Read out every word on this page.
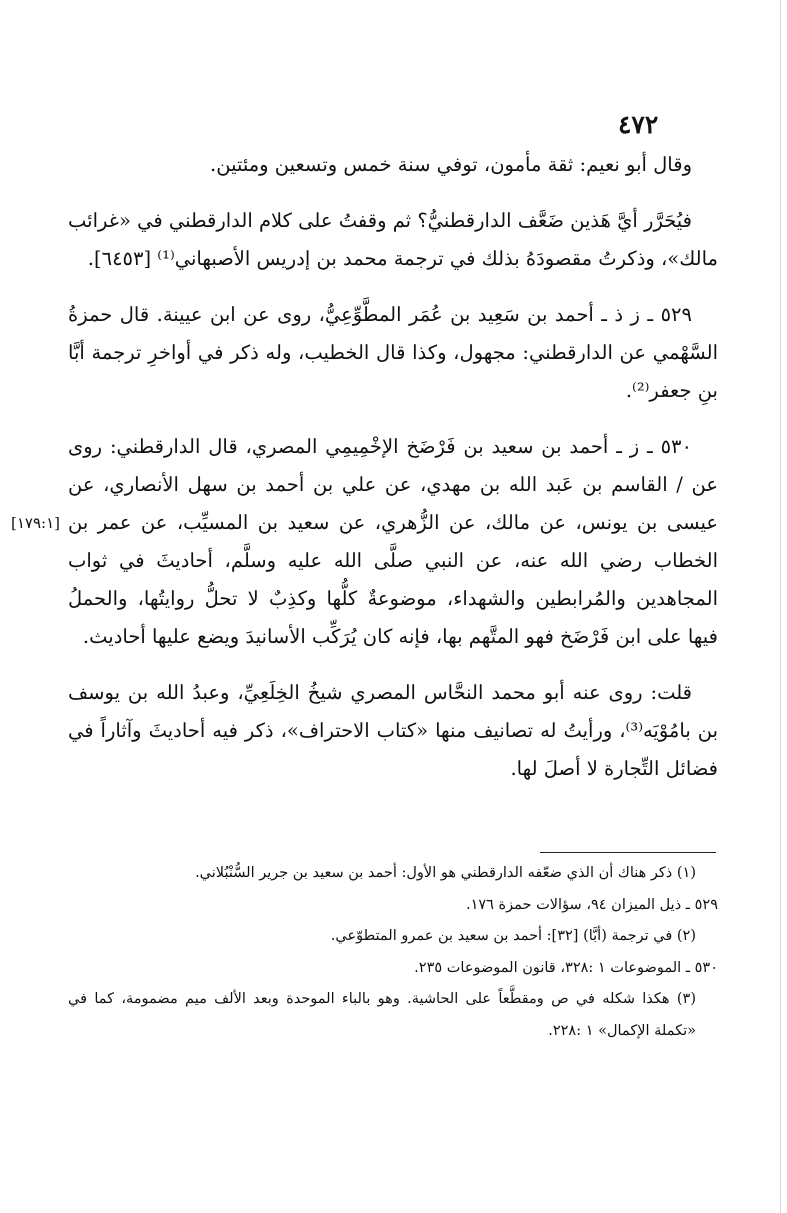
٤٧٢
[١٧٩:١]

وقال أبو نعيم: ثقة مأمون، توفي سنة خمس وتسعين ومئتين.

فيُحَرَّر أيَّ هَذين ضَعَّف الدارقطنيُّ؟ ثم وقفتُ على كلام الدارقطني في «غرائب مالك»، وذكرتُ مقصودَهُ بذلك في ترجمة محمد بن إدريس الأصبهاني⁽¹⁾ [٦٤٥٣].

٥٢٩ ـ ز ذ ـ أحمد بن سَعِيد بن عُمَر المطَّوِّعِيُّ، روى عن ابن عيينة. قال حمزةُ السَّهْمي عن الدارقطني: مجهول، وكذا قال الخطيب، وله ذكر في أواخرِ ترجمة أبَّا بنِ جعفر⁽²⁾.

٥٣٠ ـ ز ـ أحمد بن سعيد بن فَرْضَخ الإخْمِيمِي المصري، قال الدارقطني: روى عن / القاسم بن عَبد الله بن مهدي، عن علي بن أحمد بن سهل الأنصاري، عن عيسى بن يونس، عن مالك، عن الزُّهري، عن سعيد بن المسيِّب، عن عمر بن الخطاب رضي الله عنه، عن النبي صلَّى الله عليه وسلَّم، أحاديثَ في ثواب المجاهدين والمُرابطين والشهداء، موضوعةٌ كلُّها وكذِبٌ لا تحلُّ روايتُها، والحملُ فيها على ابن فَرْضَخ فهو المتَّهم بها، فإنه كان يُرَكِّب الأسانيدَ ويضع عليها أحاديث.

قلت: روى عنه أبو محمد النحَّاس المصري شيخُ الخِلَعِيِّ، وعبدُ الله بن يوسف بن بامُوْيَه⁽³⁾، ورأيتُ له تصانيف منها «كتاب الاحتراف»، ذكر فيه أحاديثَ وآثاراً في فضائل التِّجارة لا أصلَ لها.

(١) ذكر هناك أن الذي ضعّفه الدارقطني هو الأول: أحمد بن سعيد بن جرير السُّنْبُلاني.
٥٢٩ ـ ذيل الميزان ٩٤، سؤالات حمزة ١٧٦.
(٢) في ترجمة (أبَّا) [٣٢]: أحمد بن سعيد بن عمرو المتطوّعي.
٥٣٠ ـ الموضوعات ١ :٣٢٨، قانون الموضوعات ٢٣٥.
(٣) هكذا شكله في ص ومقطَّعاً على الحاشية. وهو بالباء الموحدة وبعد الألف ميم مضمومة، كما في «تكملة الإكمال» ١ :٢٢٨.
